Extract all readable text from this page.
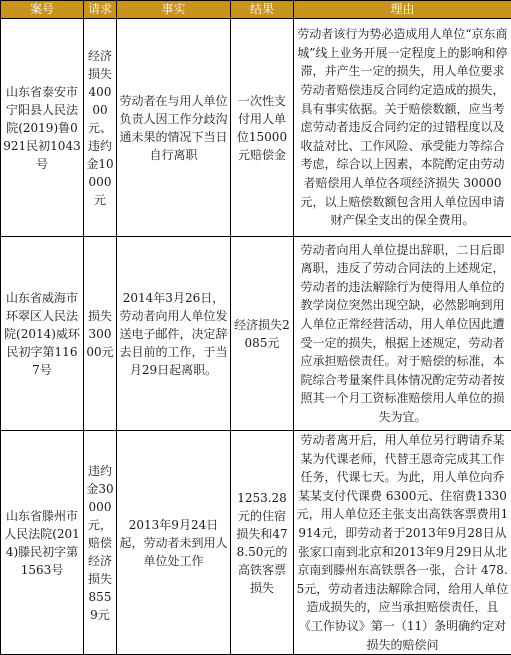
案号	请求	事实	结果	理由
山东省泰安市宁阳县人民法院(2019)鲁0921民初1043号	经济损失40000元、违约金10000元	劳动者在与用人单位负责人因工作分歧沟通未果的情况下当日自行离职	一次性支付用人单位15000元赔偿金	劳动者该行为势必造成用人单位“京东商城”线上业务开展一定程度上的影响和停滞，并产生一定的损失，用人单位要求劳动者赔偿违反合同约定造成的损失，具有事实依据。关于赔偿数额，应当考虑劳动者违反合同约定的过错程度以及收益对比、工作风险、承受能力等综合考虑，综合以上因素，本院酌定由劳动者赔偿用人单位各项经济损失 30000元，以上赔偿数额包含用人单位因申请财产保全支出的保全费用。
山东省威海市环翠区人民法院(2014)威环民初字第1167号	损失30000元	2014年3月26日，劳动者向用人单位发送电子邮件，决定辞去目前的工作，于当月29日起离职。	经济损失2085元	劳动者向用人单位提出辞职，二日后即离职，违反了劳动合同法的上述规定，劳动者的违法解除行为使得用人单位的教学岗位突然出现空缺，必然影响到用人单位正常经营活动，用人单位因此遭受一定的损失，根据上述规定，劳动者应承担赔偿责任。对于赔偿的标准，本院综合考量案件具体情况酌定劳动者按照其一个月工资标准赔偿用人单位的损失为宜。
山东省滕州市人民法院(2014)滕民初字第1563号	违约金30000元，赔偿经济损失8559元	2013年9月24日起，劳动者未到用人单位处工作	1253.28元的住宿损失和478.50元的高铁客票损失	劳动者离开后，用人单位另行聘请乔某某为代课老师，代替王恩奇完成其工作任务，代课七天。为此，用人单位向乔某某支付代课费 6300元、住宿费1330元，用人单位还主张支出高铁客票费用1914元，即劳动者于2013年9月28日从张家口南到北京和2013年9月29日从北京南到滕州东高铁票各一张，合计 478.5元，劳动者违法解除合同，给用人单位造成损失的，应当承担赔偿责任，且《工作协议》第一（11）条明确约定对损失的赔偿问
